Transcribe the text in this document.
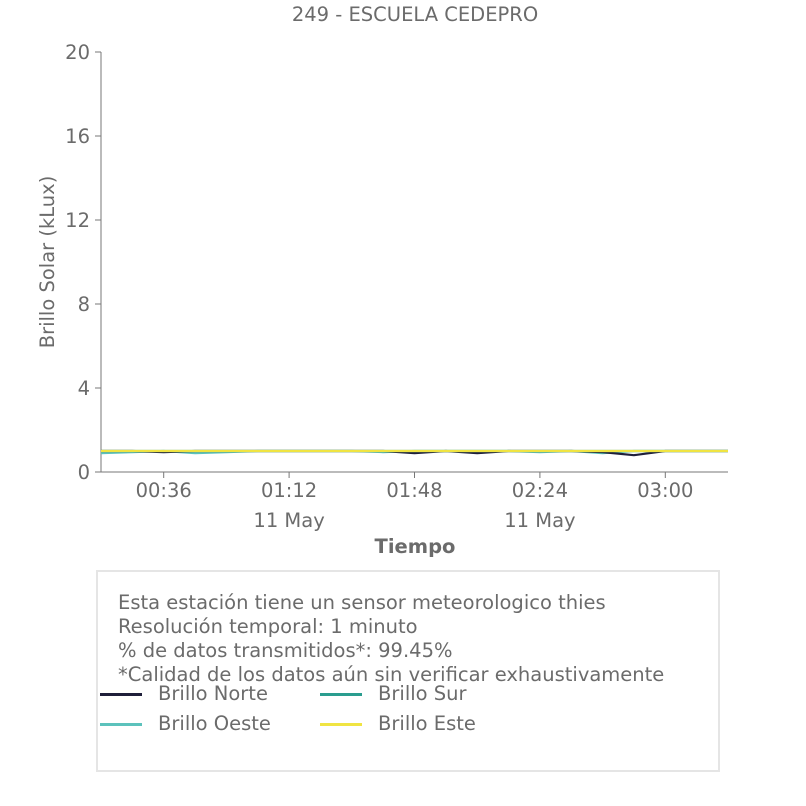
249 - ESCUELA CEDEPRO
Brillo Solar (kLux)
Tiempo
0
4
8
12
16
20
00:36	01:12
11 May
01:48	02:24
11 May
03:00
Esta estación tiene un sensor meteorologico thies
Resolución temporal: 1 minuto
% de datos transmitidos*: 99.45%
*Calidad de los datos aún sin verificar exhaustivamente
Brillo Norte	Brillo Sur
Brillo Oeste	Brillo Este
